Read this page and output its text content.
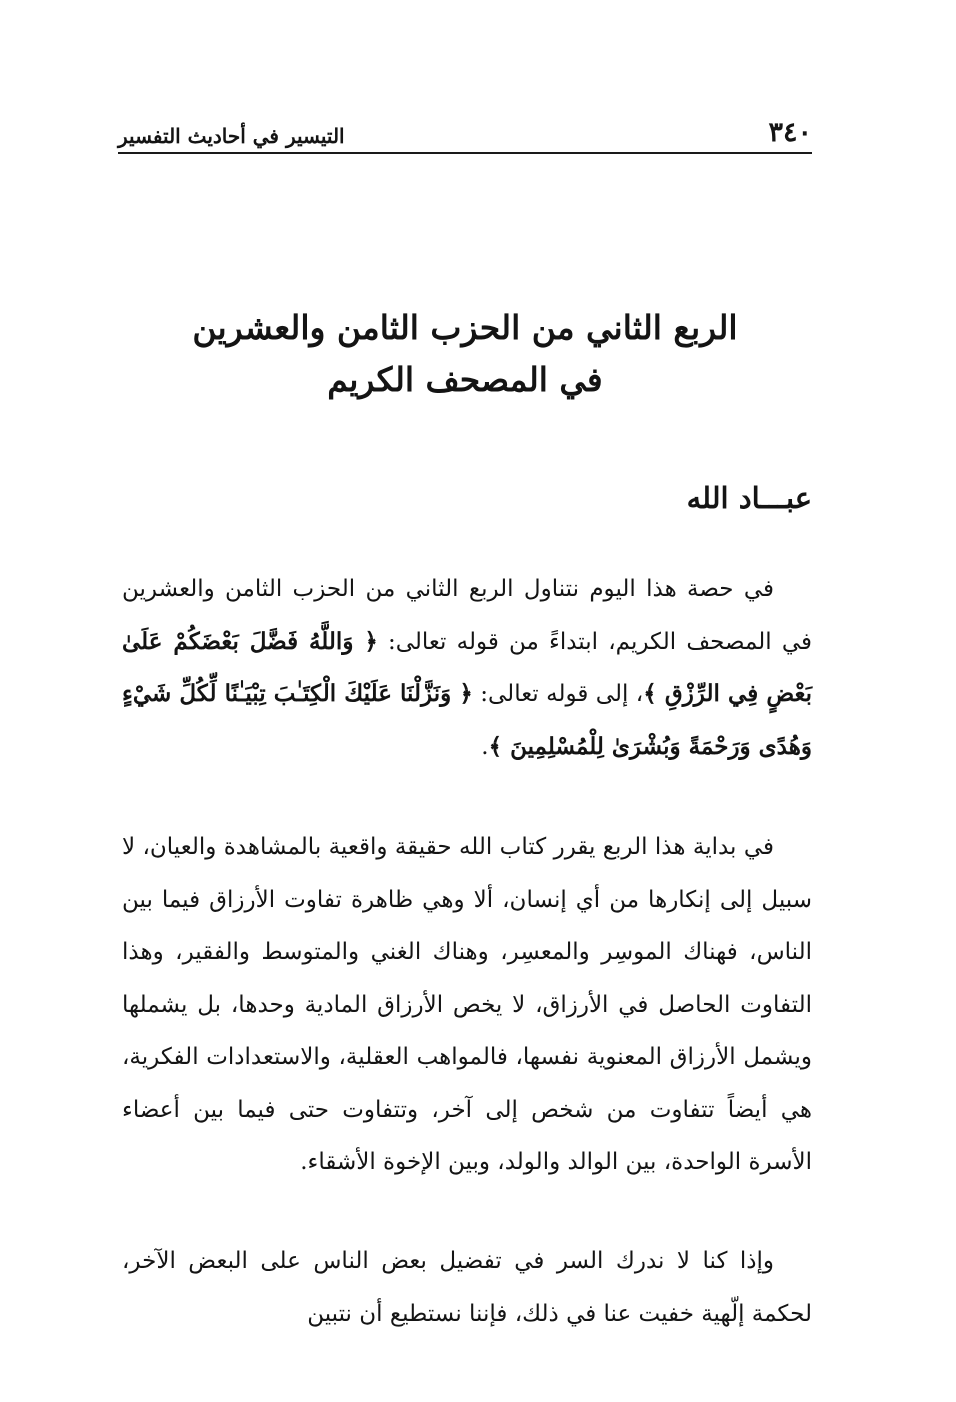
٣٤٠
التيسير في أحاديث التفسير
الربع الثاني من الحزب الثامن والعشرين
في المصحف الكريم
عبـــاد الله

في حصة هذا اليوم نتناول الربع الثاني من الحزب الثامن والعشرين في المصحف الكريم، ابتداءً من قوله تعالى: ﴿ وَاللَّهُ فَضَّلَ بَعْضَكُمْ عَلَىٰ بَعْضٍ فِي الرِّزْقِ ﴾، إلى قوله تعالى: ﴿ وَنَزَّلْنَا عَلَيْكَ الْكِتَـٰبَ تِبْيَـٰنًا لِّكُلِّ شَيْءٍ وَهُدًى وَرَحْمَةً وَبُشْرَىٰ لِلْمُسْلِمِينَ ﴾.

في بداية هذا الربع يقرر كتاب الله حقيقة واقعية بالمشاهدة والعيان، لا سبيل إلى إنكارها من أي إنسان، ألا وهي ظاهرة تفاوت الأرزاق فيما بين الناس، فهناك الموسِر والمعسِر، وهناك الغني والمتوسط والفقير، وهذا التفاوت الحاصل في الأرزاق، لا يخص الأرزاق المادية وحدها، بل يشملها ويشمل الأرزاق المعنوية نفسها، فالمواهب العقلية، والاستعدادات الفكرية، هي أيضاً تتفاوت من شخص إلى آخر، وتتفاوت حتى فيما بين أعضاء الأسرة الواحدة، بين الوالد والولد، وبين الإخوة الأشقاء.

وإذا كنا لا ندرك السر في تفضيل بعض الناس على البعض الآخر، لحكمة إلّهية خفيت عنا في ذلك، فإننا نستطيع أن نتبين
